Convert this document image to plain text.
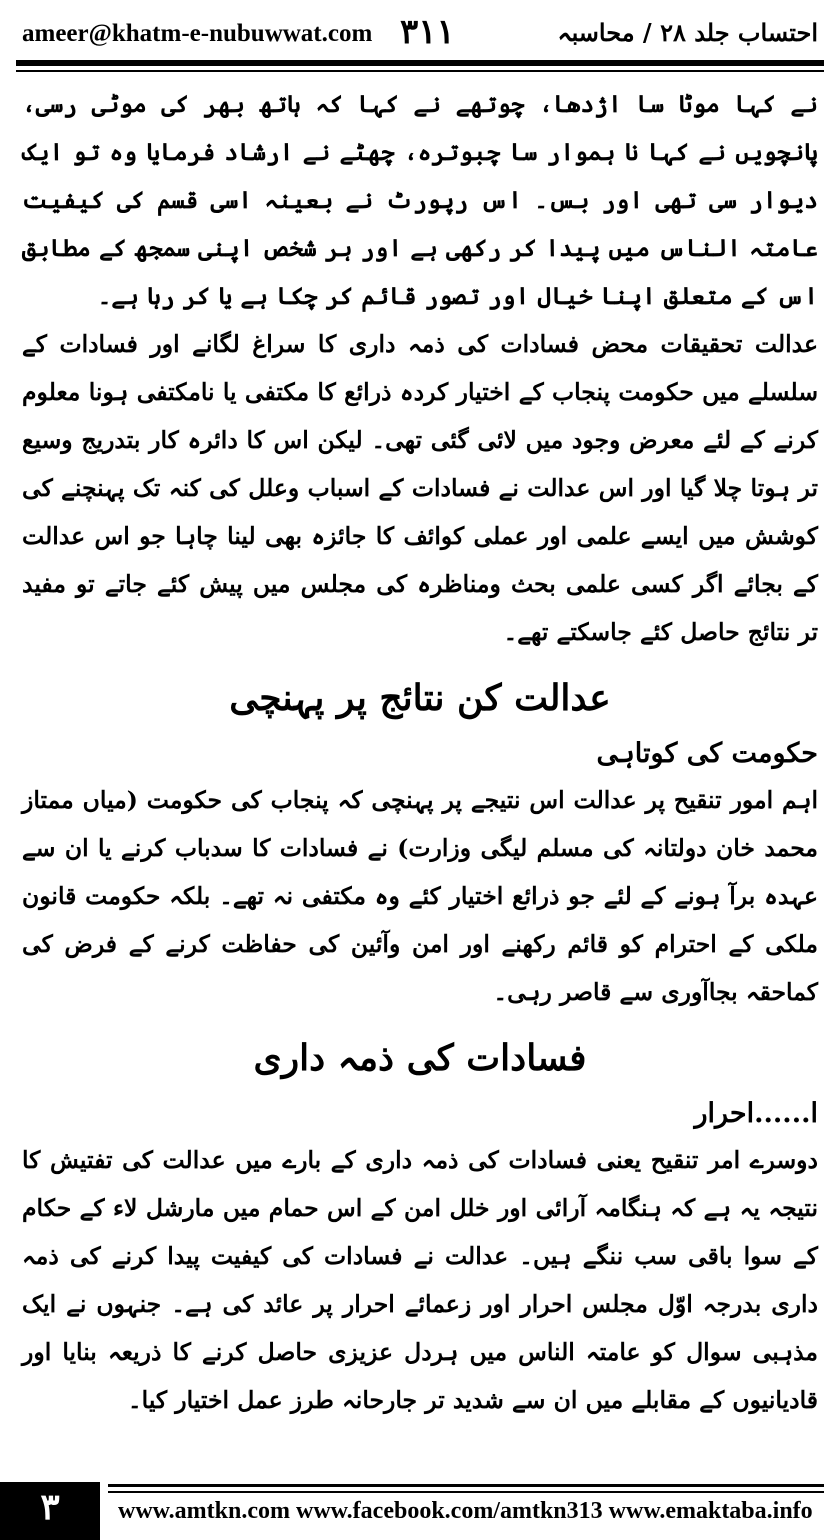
ameer@khatm-e-nubuwwat.com ۳۱۱	احتساب جلد ۲۸ / محاسبہ
نے کہا موٹا سا اژدھا، چوتھے نے کہا کہ ہاتھ بھر کی موٹی رسی، پانچویں نے کہا نا ہموار سا چبوترہ، چھٹے نے ارشاد فرمایا وہ تو ایک دیوار سی تھی اور بس۔ اس رپورٹ نے بعینہ اسی قسم کی کیفیت عامتہ الناس میں پیدا کر رکھی ہے اور ہر شخص اپنی سمجھ کے مطابق اس کے متعلق اپنا خیال اور تصور قائم کر چکا ہے یا کر رہا ہے۔
عدالت تحقیقات محض فسادات کی ذمہ داری کا سراغ لگانے اور فسادات کے سلسلے میں حکومت پنجاب کے اختیار کردہ ذرائع کا مکتفی یا نامکتفی ہونا معلوم کرنے کے لئے معرض وجود میں لائی گئی تھی۔ لیکن اس کا دائرہ کار بتدریج وسیع تر ہوتا چلا گیا اور اس عدالت نے فسادات کے اسباب وعلل کی کنہ تک پہنچنے کی کوشش میں ایسے علمی اور عملی کوائف کا جائزہ بھی لینا چاہا جو اس عدالت کے بجائے اگر کسی علمی بحث ومناظرہ کی مجلس میں پیش کئے جاتے تو مفید تر نتائج حاصل کئے جاسکتے تھے۔
عدالت کن نتائج پر پہنچی
حکومت کی کوتاہی
اہم امور تنقیح پر عدالت اس نتیجے پر پہنچی کہ پنجاب کی حکومت (میاں ممتاز محمد خان دولتانہ کی مسلم لیگی وزارت) نے فسادات کا سدباب کرنے یا ان سے عہدہ برآ ہونے کے لئے جو ذرائع اختیار کئے وہ مکتفی نہ تھے۔ بلکہ حکومت قانون ملکی کے احترام کو قائم رکھنے اور امن وآئین کی حفاظت کرنے کے فرض کی کماحقہ بجاآوری سے قاصر رہی۔
فسادات کی ذمہ داری
ا......احرار
دوسرے امر تنقیح یعنی فسادات کی ذمہ داری کے بارے میں عدالت کی تفتیش کا نتیجہ یہ ہے کہ ہنگامہ آرائی اور خلل امن کے اس حمام میں مارشل لاء کے حکام کے سوا باقی سب ننگے ہیں۔ عدالت نے فسادات کی کیفیت پیدا کرنے کی ذمہ داری بدرجہ اوّل مجلس احرار اور زعمائے احرار پر عائد کی ہے۔ جنہوں نے ایک مذہبی سوال کو عامتہ الناس میں ہردل عزیزی حاصل کرنے کا ذریعہ بنایا اور قادیانیوں کے مقابلے میں ان سے شدید تر جارحانہ طرز عمل اختیار کیا۔
۳	www.amtkn.com www.facebook.com/amtkn313 www.emaktaba.info
